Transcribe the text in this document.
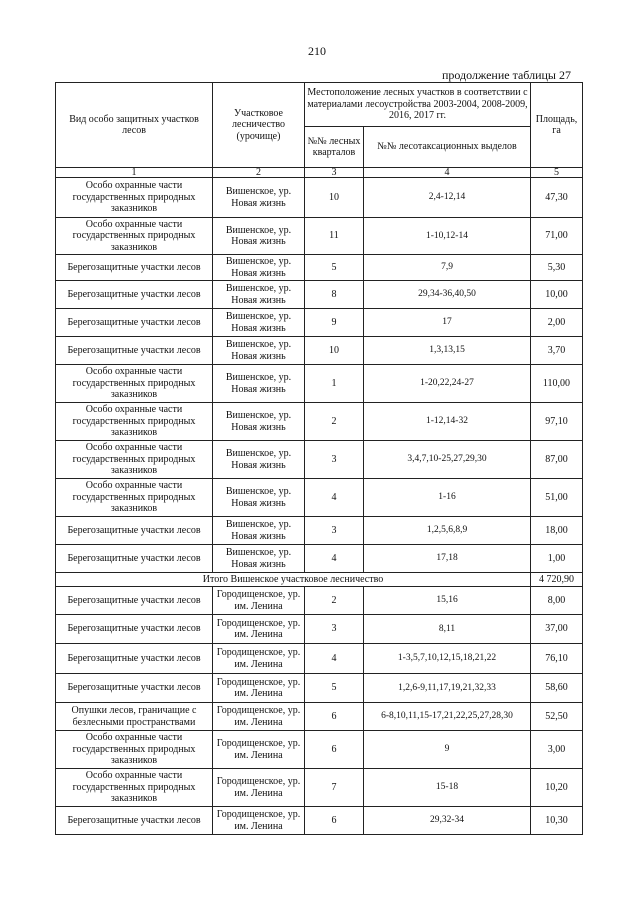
210
продолжение таблицы 27
Вид особо защитных участков лесов	Участковое лесничество (урочище)	Местоположение лесных участков в соответствии с материалами лесоустройства 2003-2004, 2008-2009, 2016, 2017 гг.		Площадь, га
		№№ лесных кварталов	№№ лесотаксационных выделов	
1	2	3	4	5
Особо охранные части государственных природных заказников	Вишенское, ур. Новая жизнь	10	2,4-12,14	47,30
Особо охранные части государственных природных заказников	Вишенское, ур. Новая жизнь	11	1-10,12-14	71,00
Берегозащитные участки лесов	Вишенское, ур. Новая жизнь	5	7,9	5,30
Берегозащитные участки лесов	Вишенское, ур. Новая жизнь	8	29,34-36,40,50	10,00
Берегозащитные участки лесов	Вишенское, ур. Новая жизнь	9	17	2,00
Берегозащитные участки лесов	Вишенское, ур. Новая жизнь	10	1,3,13,15	3,70
Особо охранные части государственных природных заказников	Вишенское, ур. Новая жизнь	1	1-20,22,24-27	110,00
Особо охранные части государственных природных заказников	Вишенское, ур. Новая жизнь	2	1-12,14-32	97,10
Особо охранные части государственных природных заказников	Вишенское, ур. Новая жизнь	3	3,4,7,10-25,27,29,30	87,00
Особо охранные части государственных природных заказников	Вишенское, ур. Новая жизнь	4	1-16	51,00
Берегозащитные участки лесов	Вишенское, ур. Новая жизнь	3	1,2,5,6,8,9	18,00
Берегозащитные участки лесов	Вишенское, ур. Новая жизнь	4	17,18	1,00
Итого Вишенское участковое лесничество				4 720,90
Берегозащитные участки лесов	Городищенское, ур. им. Ленина	2	15,16	8,00
Берегозащитные участки лесов	Городищенское, ур. им. Ленина	3	8,11	37,00
Берегозащитные участки лесов	Городищенское, ур. им. Ленина	4	1-3,5,7,10,12,15,18,21,22	76,10
Берегозащитные участки лесов	Городищенское, ур. им. Ленина	5	1,2,6-9,11,17,19,21,32,33	58,60
Опушки лесов, граничащие с безлесными пространствами	Городищенское, ур. им. Ленина	6	6-8,10,11,15-17,21,22,25,27,28,30	52,50
Особо охранные части государственных природных заказников	Городищенское, ур. им. Ленина	6	9	3,00
Особо охранные части государственных природных заказников	Городищенское, ур. им. Ленина	7	15-18	10,20
Берегозащитные участки лесов	Городищенское, ур. им. Ленина	6	29,32-34	10,30
